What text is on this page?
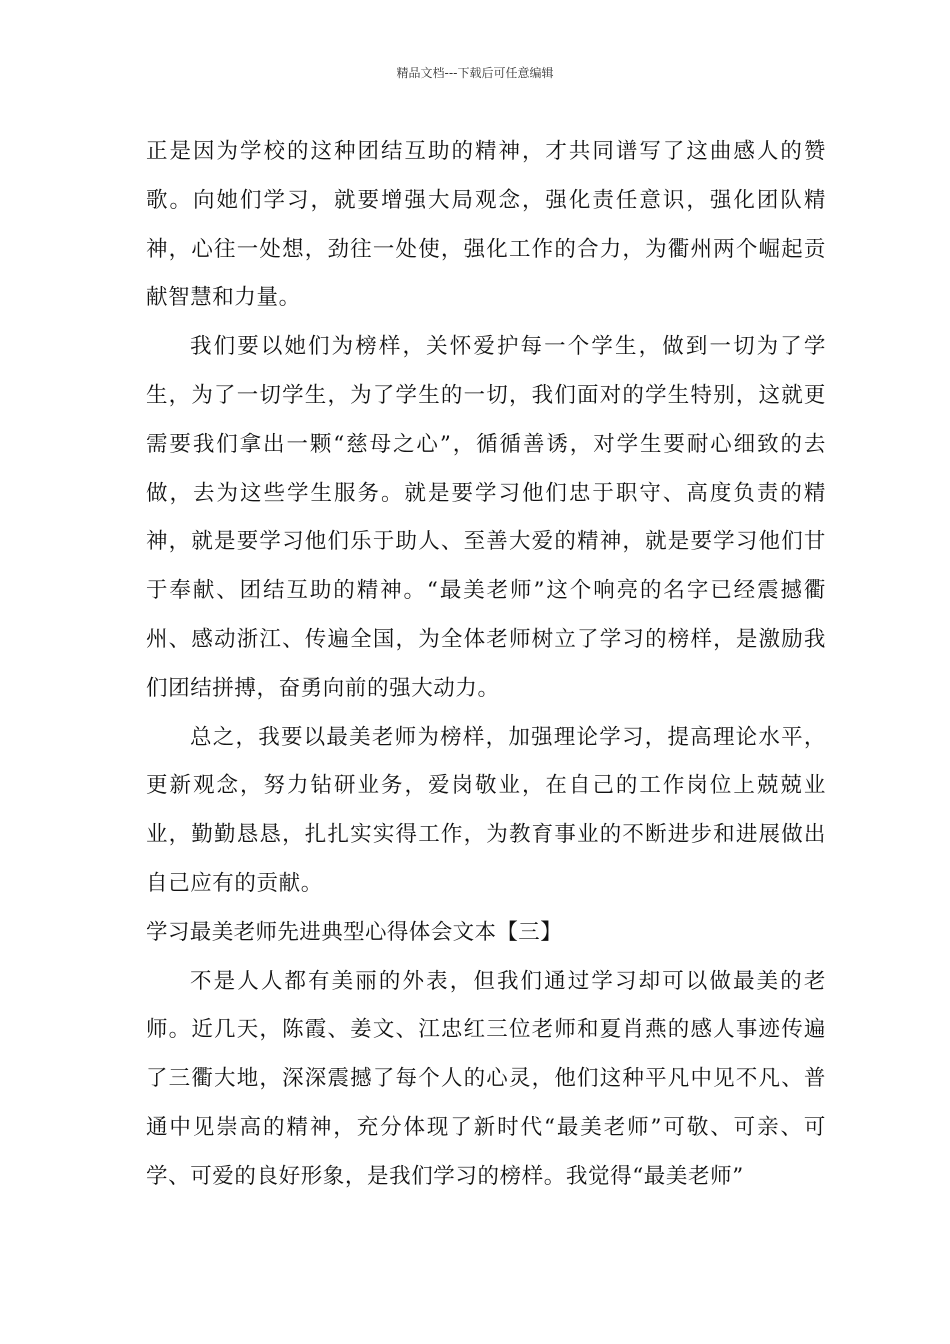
精品文档---下载后可任意编辑

正是因为学校的这种团结互助的精神，才共同谱写了这曲感人的赞歌。向她们学习，就要增强大局观念，强化责任意识，强化团队精神，心往一处想，劲往一处使，强化工作的合力，为衢州两个崛起贡献智慧和力量。

我们要以她们为榜样，关怀爱护每一个学生，做到一切为了学生，为了一切学生，为了学生的一切，我们面对的学生特别，这就更需要我们拿出一颗“慈母之心”，循循善诱，对学生要耐心细致的去做，去为这些学生服务。就是要学习他们忠于职守、高度负责的精神，就是要学习他们乐于助人、至善大爱的精神，就是要学习他们甘于奉献、团结互助的精神。“最美老师”这个响亮的名字已经震撼衢州、感动浙江、传遍全国，为全体老师树立了学习的榜样，是激励我们团结拼搏，奋勇向前的强大动力。

总之，我要以最美老师为榜样，加强理论学习，提高理论水平，更新观念，努力钻研业务，爱岗敬业，在自己的工作岗位上兢兢业业，勤勤恳恳，扎扎实实得工作，为教育事业的不断进步和进展做出自己应有的贡献。

学习最美老师先进典型心得体会文本【三】

不是人人都有美丽的外表，但我们通过学习却可以做最美的老师。近几天，陈霞、姜文、江忠红三位老师和夏肖燕的感人事迹传遍了三衢大地，深深震撼了每个人的心灵，他们这种平凡中见不凡、普通中见崇高的精神，充分体现了新时代“最美老师”可敬、可亲、可学、可爱的良好形象，是我们学习的榜样。我觉得“最美老师”
